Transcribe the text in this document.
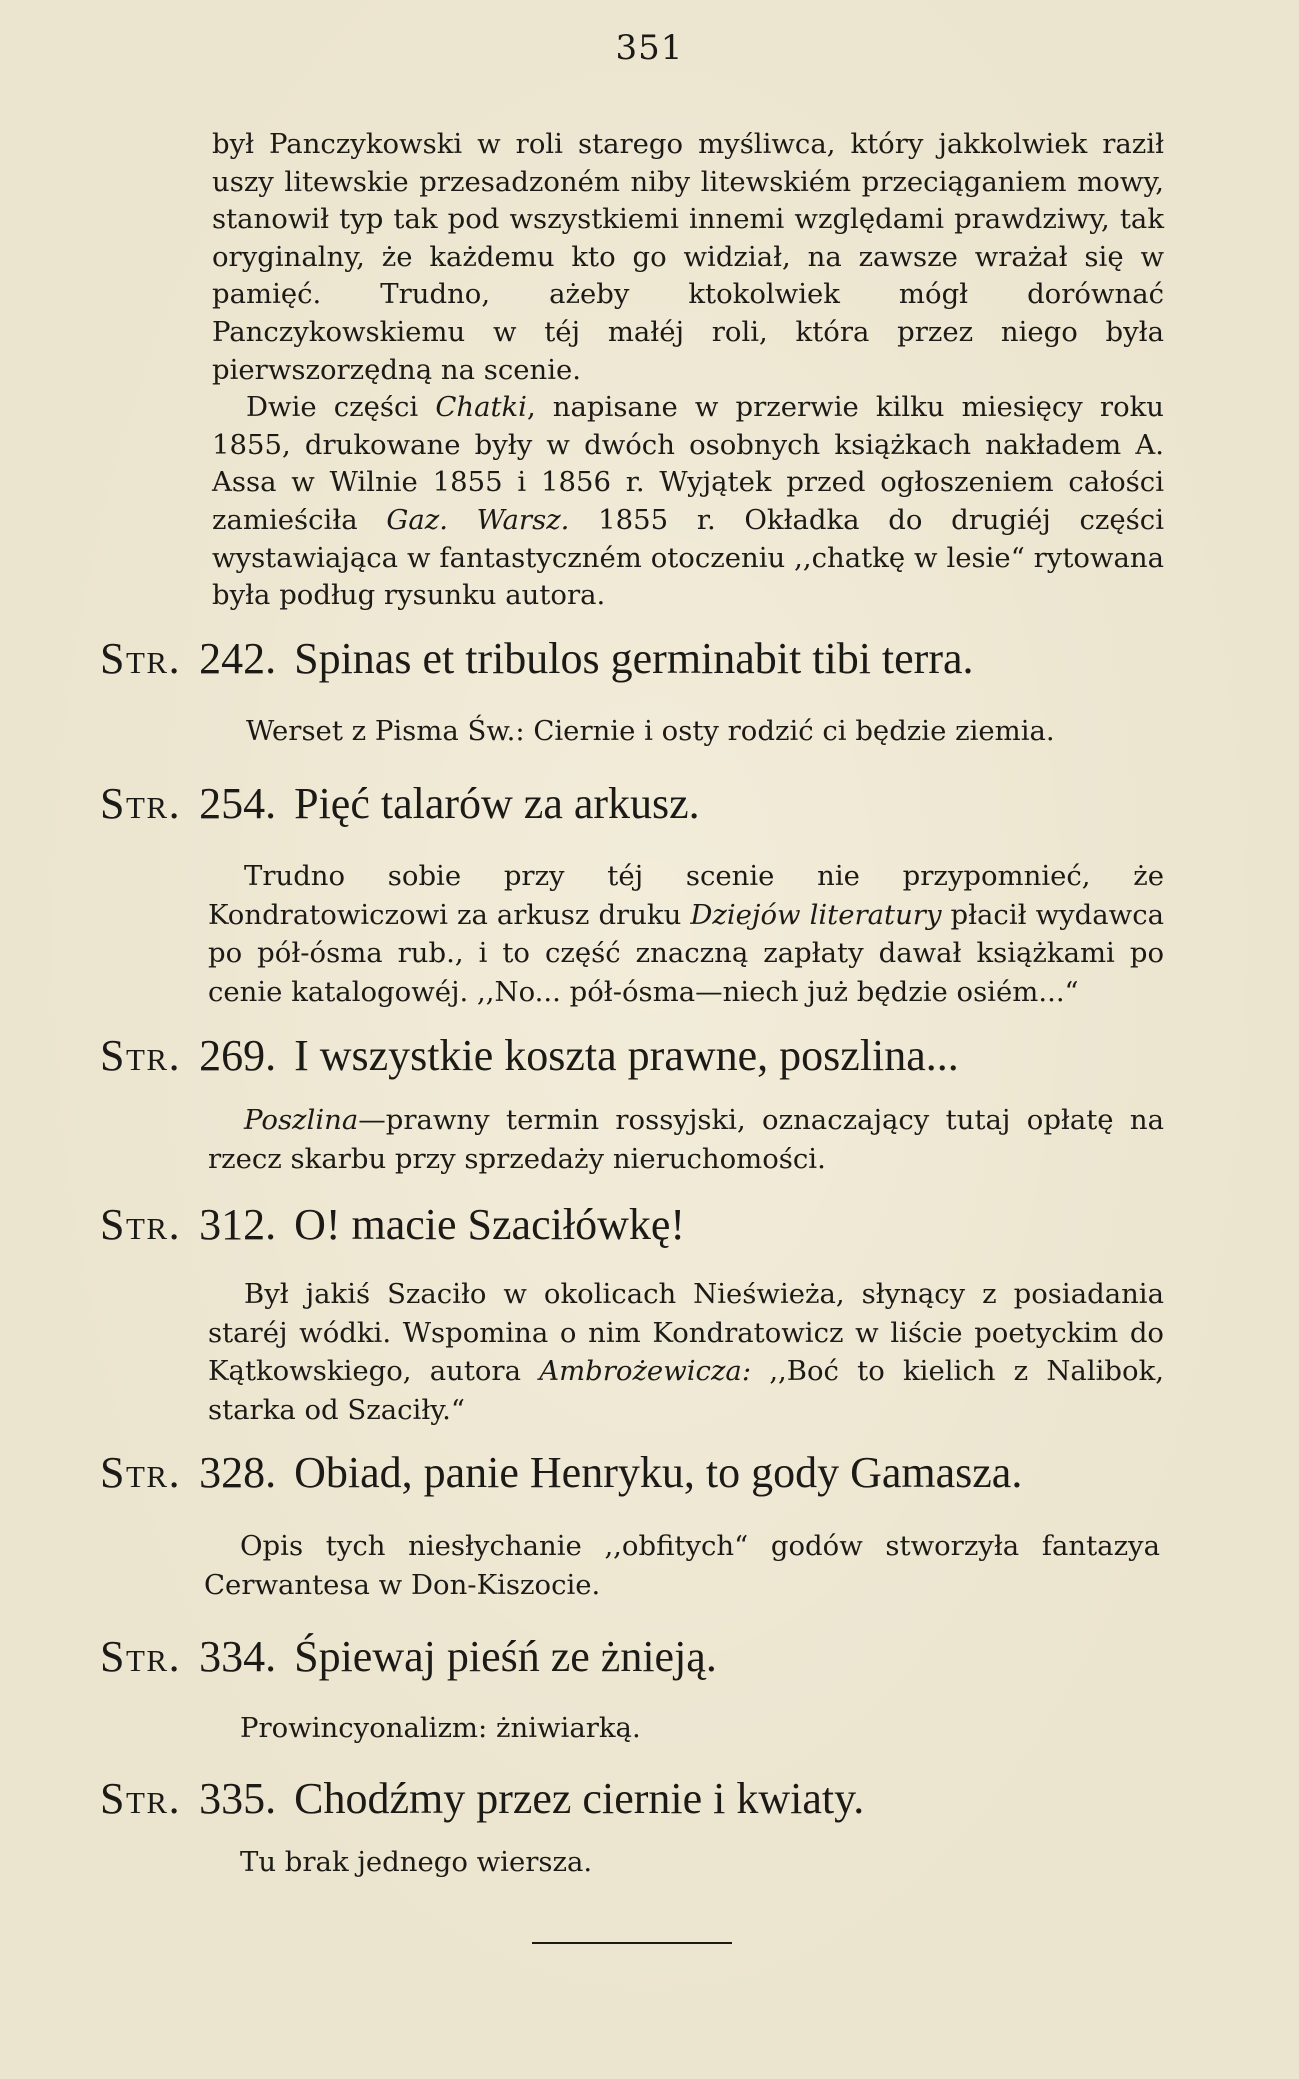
351

był Panczykowski w roli starego myśliwca, który jakkolwiek raził uszy litewskie przesadzoném niby litewskiém przeciąganiem mowy, stanowił typ tak pod wszystkiemi innemi względami prawdziwy, tak oryginalny, że każdemu kto go widział, na zawsze wrażał się w pamięć. Trudno, ażeby ktokolwiek mógł dorównać Panczykowskiemu w téj małéj roli, która przez niego była pierwszorzędną na scenie.

Dwie części Chatki, napisane w przerwie kilku miesięcy roku 1855, drukowane były w dwóch osobnych książkach nakładem A. Assa w Wilnie 1855 i 1856 r. Wyjątek przed ogłoszeniem całości zamieściła Gaz. Warsz. 1855 r. Okładka do drugiéj części wystawiająca w fantastyczném otoczeniu ,,chatkę w lesie“ rytowana była podług rysunku autora.

Str. 242. Spinas et tribulos germinabit tibi terra.

Werset z Pisma Św.: Ciernie i osty rodzić ci będzie ziemia.

Str. 254. Pięć talarów za arkusz.

Trudno sobie przy téj scenie nie przypomnieć, że Kondratowiczowi za arkusz druku Dziejów literatury płacił wydawca po pół-ósma rub., i to część znaczną zapłaty dawał książkami po cenie katalogowéj. ,,No... pół-ósma—niech już będzie osiém...“

Str. 269. I wszystkie koszta prawne, poszlina...

Poszlina—prawny termin rossyjski, oznaczający tutaj opłatę na rzecz skarbu przy sprzedaży nieruchomości.

Str. 312. O! macie Szaciłówkę!

Był jakiś Szaciło w okolicach Nieświeża, słynący z posiadania staréj wódki. Wspomina o nim Kondratowicz w liście poetyckim do Kątkowskiego, autora Ambrożewicza: ,,Boć to kielich z Nalibok, starka od Szaciły.“

Str. 328. Obiad, panie Henryku, to gody Gamasza.

Opis tych niesłychanie ,,obfitych“ godów stworzyła fantazya Cerwantesa w Don-Kiszocie.

Str. 334. Śpiewaj pieśń ze żnieją.

Prowincyonalizm: żniwiarką.

Str. 335. Chodźmy przez ciernie i kwiaty.

Tu brak jednego wiersza.
